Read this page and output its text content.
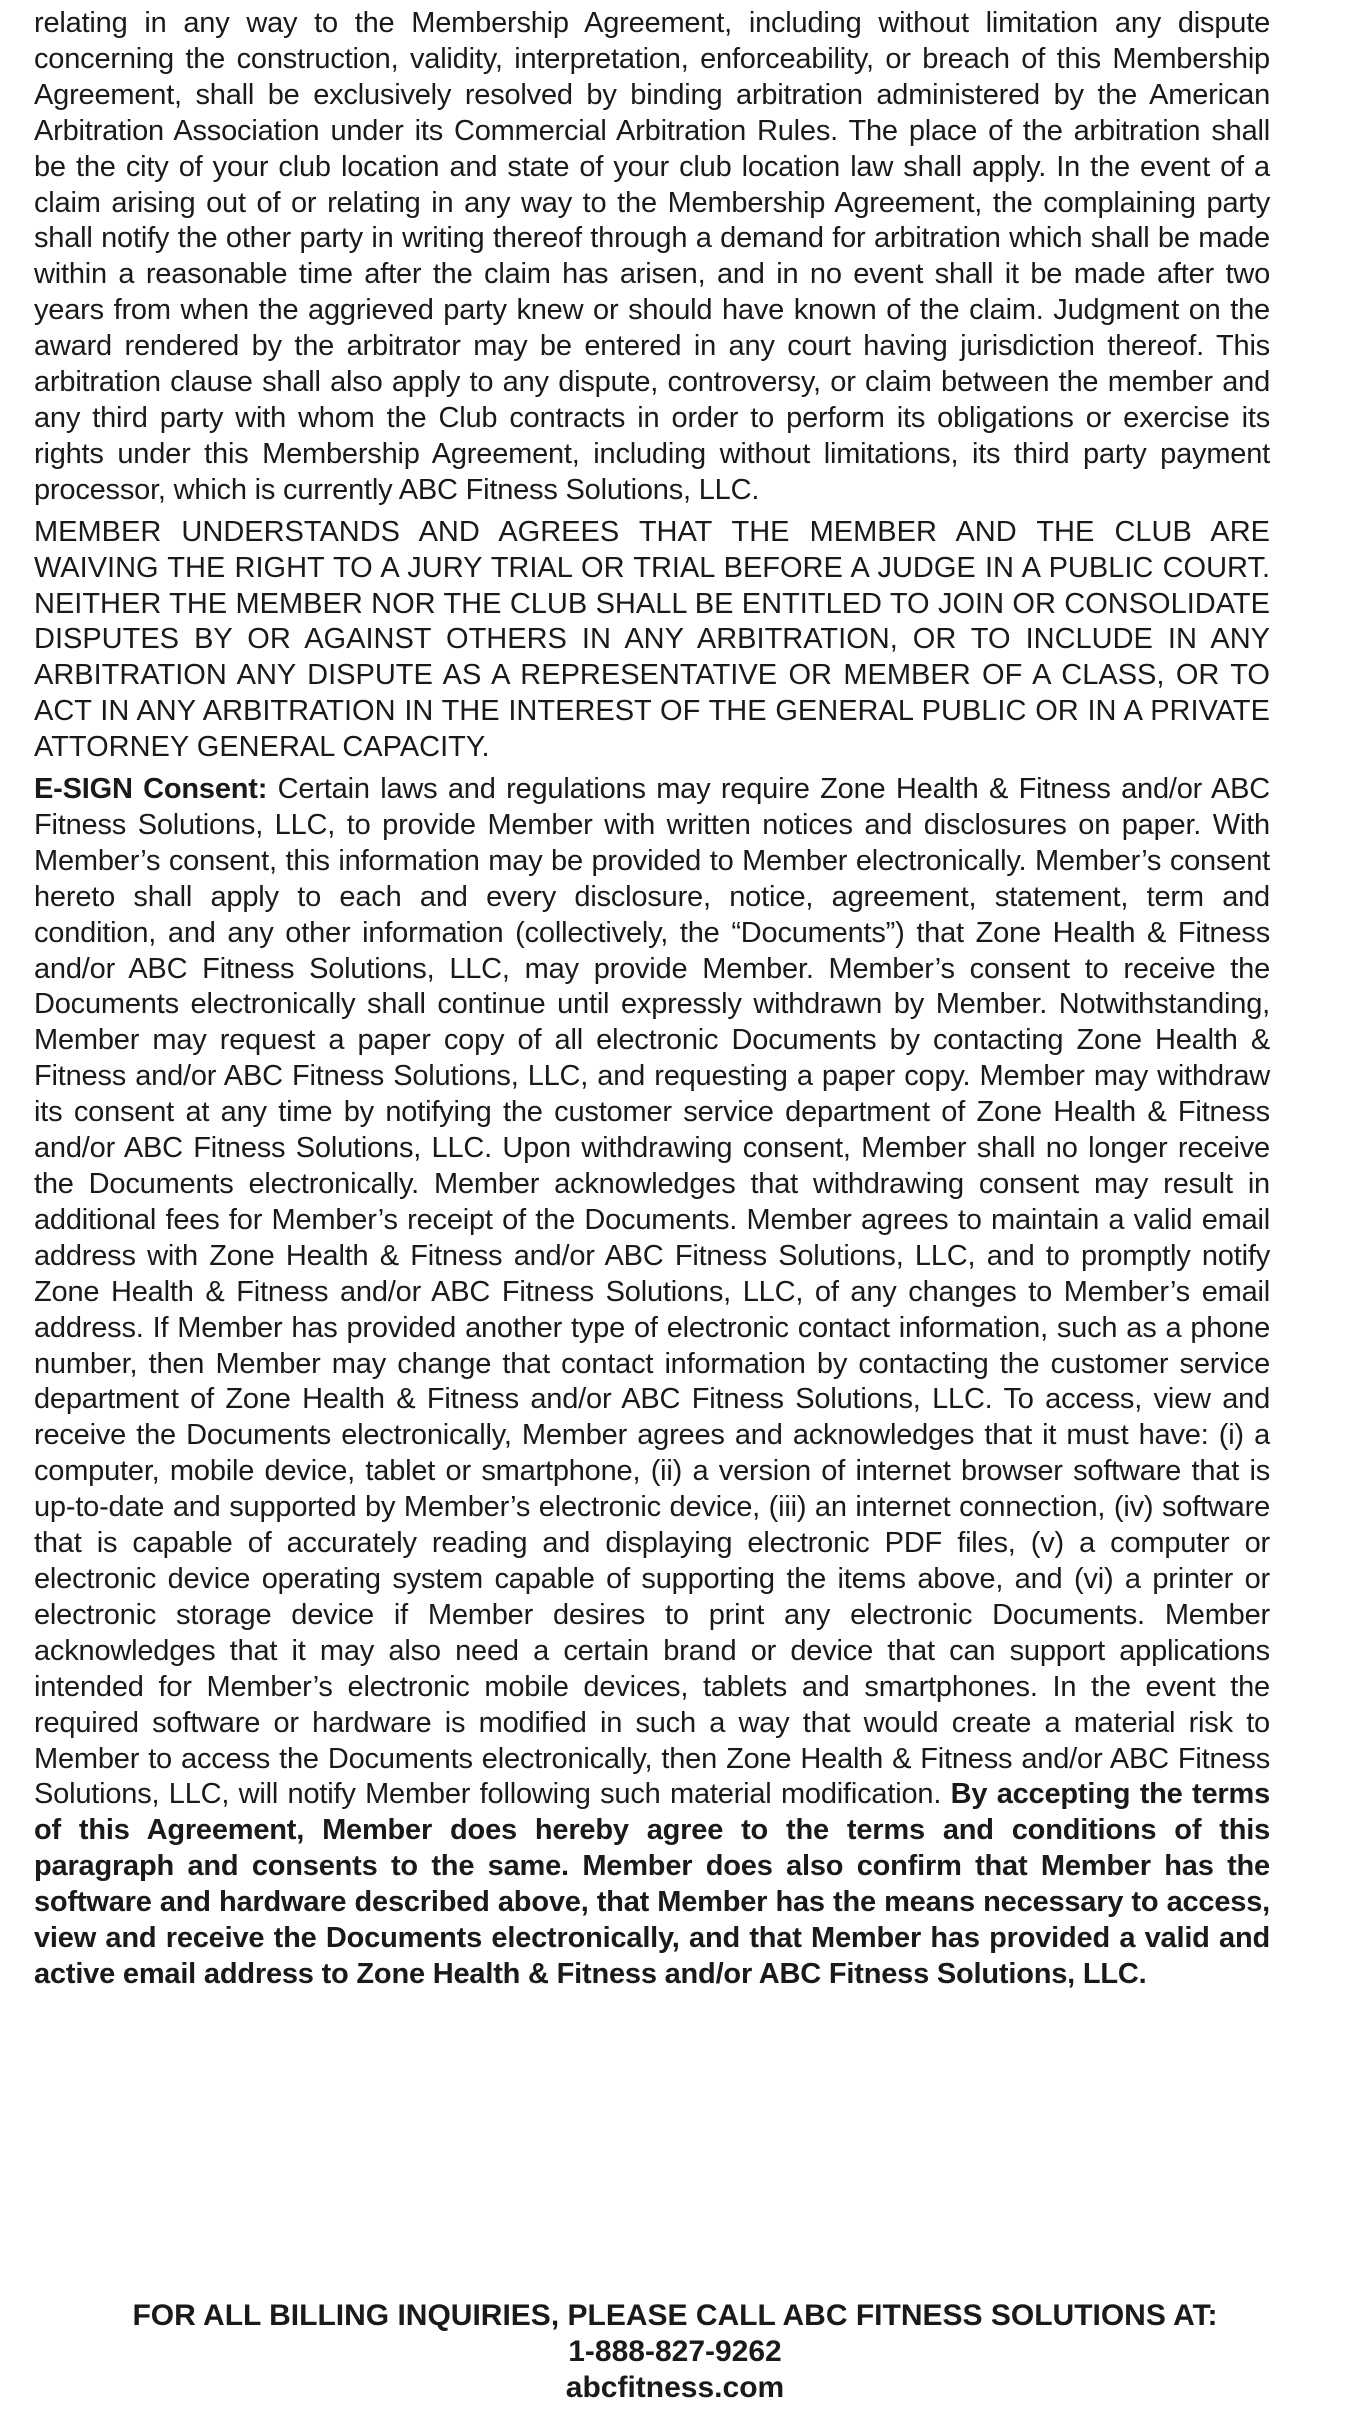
relating in any way to the Membership Agreement, including without limitation any dispute concerning the construction, validity, interpretation, enforceability, or breach of this Membership Agreement, shall be exclusively resolved by binding arbitration administered by the American Arbitration Association under its Commercial Arbitration Rules. The place of the arbitration shall be the city of your club location and state of your club location law shall apply. In the event of a claim arising out of or relating in any way to the Membership Agreement, the complaining party shall notify the other party in writing thereof through a demand for arbitration which shall be made within a reasonable time after the claim has arisen, and in no event shall it be made after two years from when the aggrieved party knew or should have known of the claim. Judgment on the award rendered by the arbitrator may be entered in any court having jurisdiction thereof. This arbitration clause shall also apply to any dispute, controversy, or claim between the member and any third party with whom the Club contracts in order to perform its obligations or exercise its rights under this Membership Agreement, including without limitations, its third party payment processor, which is currently ABC Fitness Solutions, LLC.

MEMBER UNDERSTANDS AND AGREES THAT THE MEMBER AND THE CLUB ARE WAIVING THE RIGHT TO A JURY TRIAL OR TRIAL BEFORE A JUDGE IN A PUBLIC COURT. NEITHER THE MEMBER NOR THE CLUB SHALL BE ENTITLED TO JOIN OR CONSOLIDATE DISPUTES BY OR AGAINST OTHERS IN ANY ARBITRATION, OR TO INCLUDE IN ANY ARBITRATION ANY DISPUTE AS A REPRESENTATIVE OR MEMBER OF A CLASS, OR TO ACT IN ANY ARBITRATION IN THE INTEREST OF THE GENERAL PUBLIC OR IN A PRIVATE ATTORNEY GENERAL CAPACITY.

E-SIGN Consent: Certain laws and regulations may require Zone Health & Fitness and/or ABC Fitness Solutions, LLC, to provide Member with written notices and disclosures on paper. With Member’s consent, this information may be provided to Member electronically. Member’s consent hereto shall apply to each and every disclosure, notice, agreement, statement, term and condition, and any other information (collectively, the “Documents”) that Zone Health & Fitness and/or ABC Fitness Solutions, LLC, may provide Member. Member’s consent to receive the Documents electronically shall continue until expressly withdrawn by Member. Notwithstanding, Member may request a paper copy of all electronic Documents by contacting Zone Health & Fitness and/or ABC Fitness Solutions, LLC, and requesting a paper copy. Member may withdraw its consent at any time by notifying the customer service department of Zone Health & Fitness and/or ABC Fitness Solutions, LLC. Upon withdrawing consent, Member shall no longer receive the Documents electronically. Member acknowledges that withdrawing consent may result in additional fees for Member’s receipt of the Documents. Member agrees to maintain a valid email address with Zone Health & Fitness and/or ABC Fitness Solutions, LLC, and to promptly notify Zone Health & Fitness and/or ABC Fitness Solutions, LLC, of any changes to Member’s email address. If Member has provided another type of electronic contact information, such as a phone number, then Member may change that contact information by contacting the customer service department of Zone Health & Fitness and/or ABC Fitness Solutions, LLC. To access, view and receive the Documents electronically, Member agrees and acknowledges that it must have: (i) a computer, mobile device, tablet or smartphone, (ii) a version of internet browser software that is up-to-date and supported by Member’s electronic device, (iii) an internet connection, (iv) software that is capable of accurately reading and displaying electronic PDF files, (v) a computer or electronic device operating system capable of supporting the items above, and (vi) a printer or electronic storage device if Member desires to print any electronic Documents. Member acknowledges that it may also need a certain brand or device that can support applications intended for Member’s electronic mobile devices, tablets and smartphones. In the event the required software or hardware is modified in such a way that would create a material risk to Member to access the Documents electronically, then Zone Health & Fitness and/or ABC Fitness Solutions, LLC, will notify Member following such material modification. By accepting the terms of this Agreement, Member does hereby agree to the terms and conditions of this paragraph and consents to the same. Member does also confirm that Member has the software and hardware described above, that Member has the means necessary to access, view and receive the Documents electronically, and that Member has provided a valid and active email address to Zone Health & Fitness and/or ABC Fitness Solutions, LLC.

FOR ALL BILLING INQUIRIES, PLEASE CALL ABC FITNESS SOLUTIONS AT:
1-888-827-9262
abcfitness.com
